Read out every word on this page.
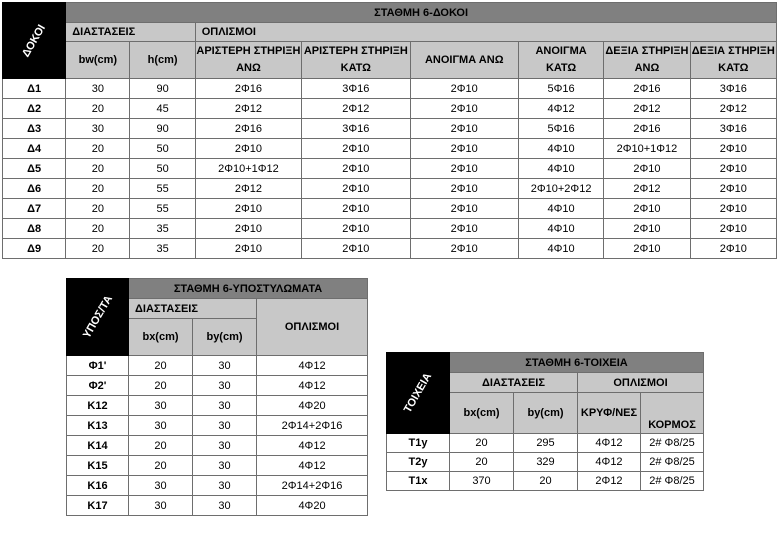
ΔΟΚΟΙ	ΣΤΑΘΜΗ 6-ΔΟΚΟΙ							
	ΔΙΑΣΤΑΣΕΙΣ		ΟΠΛΙΣΜΟΙ					
	bw(cm)	h(cm)	ΑΡΙΣΤΕΡΗ ΣΤΗΡΙΞΗ ΑΝΩ	ΑΡΙΣΤΕΡΗ ΣΤΗΡΙΞΗ ΚΑΤΩ	ΑΝΟΙΓΜΑ ΑΝΩ	ΑΝΟΙΓΜΑ ΚΑΤΩ	ΔΕΞΙΑ ΣΤΗΡΙΞΗ ΑΝΩ	ΔΕΞΙΑ ΣΤΗΡΙΞΗ ΚΑΤΩ
Δ1	30	90	2Φ16	3Φ16	2Φ10	5Φ16	2Φ16	3Φ16
Δ2	20	45	2Φ12	2Φ12	2Φ10	4Φ12	2Φ12	2Φ12
Δ3	30	90	2Φ16	3Φ16	2Φ10	5Φ16	2Φ16	3Φ16
Δ4	20	50	2Φ10	2Φ10	2Φ10	4Φ10	2Φ10+1Φ12	2Φ10
Δ5	20	50	2Φ10+1Φ12	2Φ10	2Φ10	4Φ10	2Φ10	2Φ10
Δ6	20	55	2Φ12	2Φ10	2Φ10	2Φ10+2Φ12	2Φ12	2Φ10
Δ7	20	55	2Φ10	2Φ10	2Φ10	4Φ10	2Φ10	2Φ10
Δ8	20	35	2Φ10	2Φ10	2Φ10	4Φ10	2Φ10	2Φ10
Δ9	20	35	2Φ10	2Φ10	2Φ10	4Φ10	2Φ10	2Φ10
ΥΠΟΣ/ΤΑ	ΣΤΑΘΜΗ 6-ΥΠΟΣΤΥΛΩΜΑΤΑ		
	ΔΙΑΣΤΑΣΕΙΣ		ΟΠΛΙΣΜΟΙ
	bx(cm)	by(cm)	
Φ1'	20	30	4Φ12
Φ2'	20	30	4Φ12
Κ12	30	30	4Φ20
Κ13	30	30	2Φ14+2Φ16
Κ14	20	30	4Φ12
Κ15	20	30	4Φ12
Κ16	30	30	2Φ14+2Φ16
Κ17	30	30	4Φ20
ΤΟΙΧΕΙΑ	ΣΤΑΘΜΗ 6-ΤΟΙΧΕΙΑ			
	ΔΙΑΣΤΑΣΕΙΣ		ΟΠΛΙΣΜΟΙ	
	bx(cm)	by(cm)	ΚΡΥΦ/ΝΕΣ	ΚΟΡΜΟΣ
T1y	20	295	4Φ12	2# Φ8/25
T2y	20	329	4Φ12	2# Φ8/25
T1x	370	20	2Φ12	2# Φ8/25
